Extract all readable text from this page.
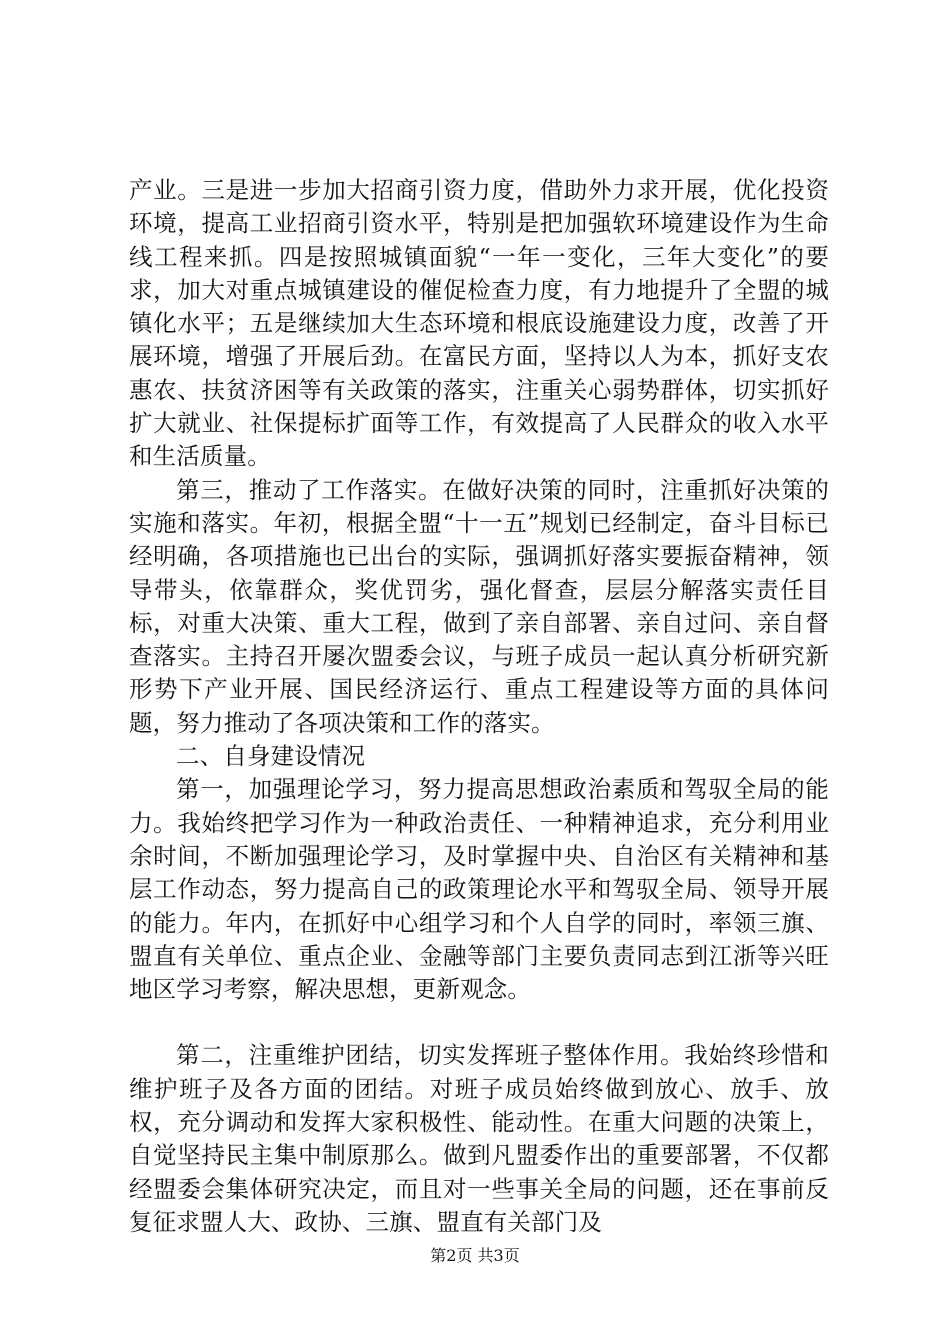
产业。三是进一步加大招商引资力度，借助外力求开展，优化投资环境，提高工业招商引资水平，特别是把加强软环境建设作为生命线工程来抓。四是按照城镇面貌“一年一变化，三年大变化”的要求，加大对重点城镇建设的催促检查力度，有力地提升了全盟的城镇化水平；五是继续加大生态环境和根底设施建设力度，改善了开展环境，增强了开展后劲。在富民方面，坚持以人为本，抓好支农惠农、扶贫济困等有关政策的落实，注重关心弱势群体，切实抓好扩大就业、社保提标扩面等工作，有效提高了人民群众的收入水平和生活质量。

第三，推动了工作落实。在做好决策的同时，注重抓好决策的实施和落实。年初，根据全盟“十一五”规划已经制定，奋斗目标已经明确，各项措施也已出台的实际，强调抓好落实要振奋精神，领导带头，依靠群众，奖优罚劣，强化督查，层层分解落实责任目标，对重大决策、重大工程，做到了亲自部署、亲自过问、亲自督查落实。主持召开屡次盟委会议，与班子成员一起认真分析研究新形势下产业开展、国民经济运行、重点工程建设等方面的具体问题，努力推动了各项决策和工作的落实。

二、自身建设情况

第一，加强理论学习，努力提高思想政治素质和驾驭全局的能力。我始终把学习作为一种政治责任、一种精神追求，充分利用业余时间，不断加强理论学习，及时掌握中央、自治区有关精神和基层工作动态，努力提高自己的政策理论水平和驾驭全局、领导开展的能力。年内，在抓好中心组学习和个人自学的同时，率领三旗、盟直有关单位、重点企业、金融等部门主要负责同志到江浙等兴旺地区学习考察，解决思想，更新观念。

第二，注重维护团结，切实发挥班子整体作用。我始终珍惜和维护班子及各方面的团结。对班子成员始终做到放心、放手、放权，充分调动和发挥大家积极性、能动性。在重大问题的决策上，自觉坚持民主集中制原那么。做到凡盟委作出的重要部署，不仅都经盟委会集体研究决定，而且对一些事关全局的问题，还在事前反复征求盟人大、政协、三旗、盟直有关部门及

第2页 共3页
